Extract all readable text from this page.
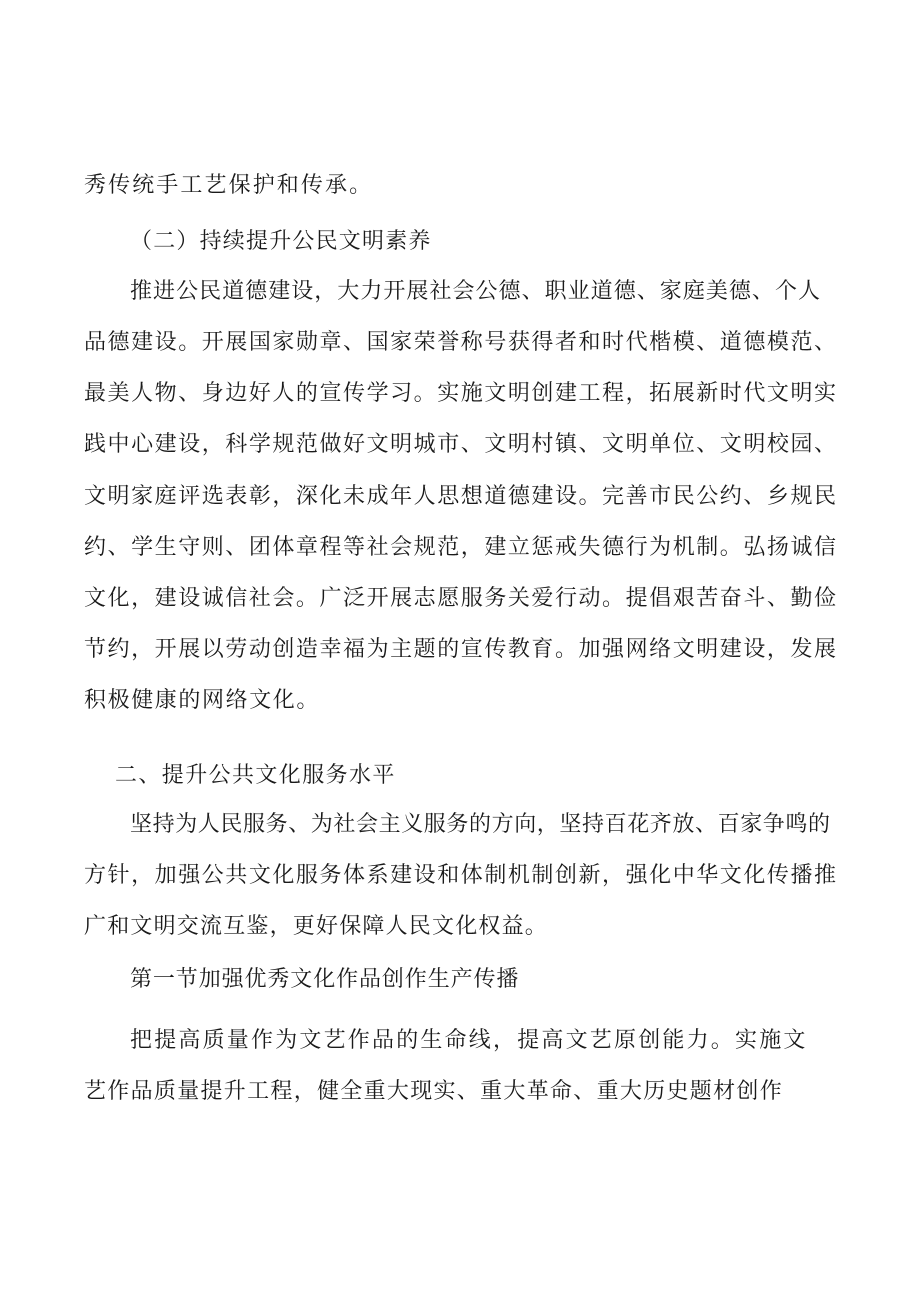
秀传统手工艺保护和传承。
（二）持续提升公民文明素养
推进公民道德建设，大力开展社会公德、职业道德、家庭美德、个人
品德建设。开展国家勋章、国家荣誉称号获得者和时代楷模、道德模范、
最美人物、身边好人的宣传学习。实施文明创建工程，拓展新时代文明实
践中心建设，科学规范做好文明城市、文明村镇、文明单位、文明校园、
文明家庭评选表彰，深化未成年人思想道德建设。完善市民公约、乡规民
约、学生守则、团体章程等社会规范，建立惩戒失德行为机制。弘扬诚信
文化，建设诚信社会。广泛开展志愿服务关爱行动。提倡艰苦奋斗、勤俭
节约，开展以劳动创造幸福为主题的宣传教育。加强网络文明建设，发展
积极健康的网络文化。
二、提升公共文化服务水平
坚持为人民服务、为社会主义服务的方向，坚持百花齐放、百家争鸣的
方针，加强公共文化服务体系建设和体制机制创新，强化中华文化传播推
广和文明交流互鉴，更好保障人民文化权益。
第一节加强优秀文化作品创作生产传播
把提高质量作为文艺作品的生命线，提高文艺原创能力。实施文
艺作品质量提升工程，健全重大现实、重大革命、重大历史题材创作
